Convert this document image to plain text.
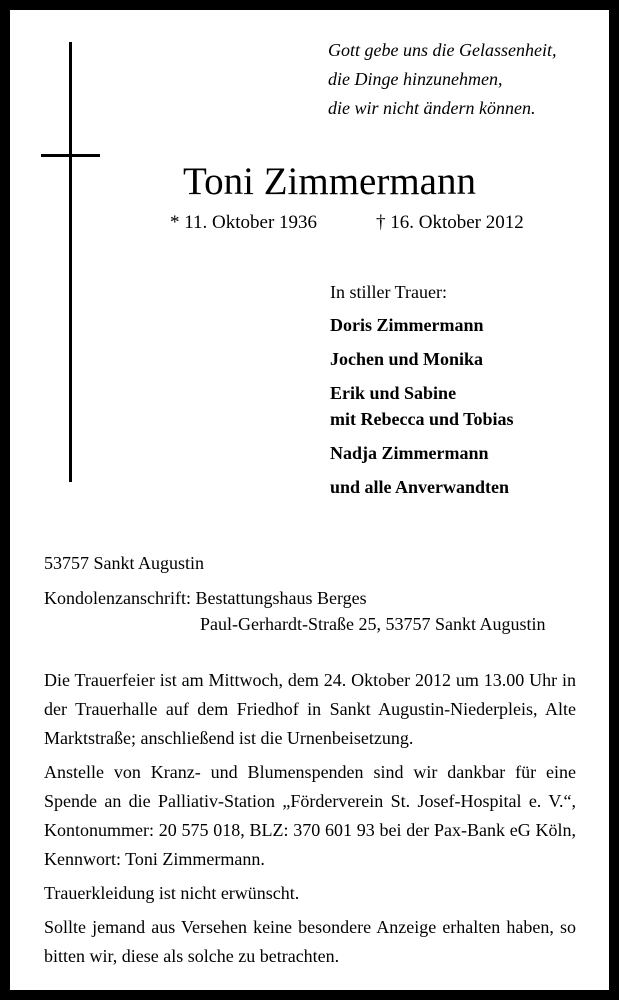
Gott gebe uns die Gelassenheit,
die Dinge hinzunehmen,
die wir nicht ändern können.
Toni Zimmermann
* 11. Oktober 1936	† 16. Oktober 2012
In stiller Trauer:
Doris Zimmermann
Jochen und Monika
Erik und Sabine
mit Rebecca und Tobias
Nadja Zimmermann
und alle Anverwandten
53757 Sankt Augustin
Kondolenzanschrift: Bestattungshaus Berges
Paul-Gerhardt-Straße 25, 53757 Sankt Augustin

Die Trauerfeier ist am Mittwoch, dem 24. Oktober 2012 um 13.00 Uhr in der Trauerhalle auf dem Friedhof in Sankt Augustin-Niederpleis, Alte Marktstraße; anschließend ist die Urnenbeisetzung.

Anstelle von Kranz- und Blumenspenden sind wir dankbar für eine Spende an die Palliativ-Station „Förderverein St. Josef-Hospital e. V.“, Kontonummer: 20 575 018, BLZ: 370 601 93 bei der Pax-Bank eG Köln, Kennwort: Toni Zimmermann.

Trauerkleidung ist nicht erwünscht.

Sollte jemand aus Versehen keine besondere Anzeige erhalten haben, so bitten wir, diese als solche zu betrachten.
